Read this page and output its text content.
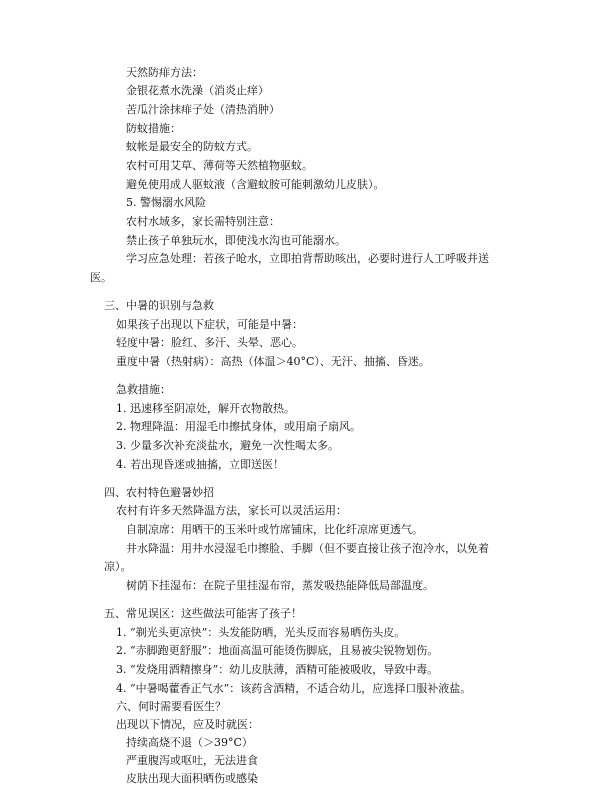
天然防痱方法：
金银花煮水洗澡（消炎止痒）
苦瓜汁涂抹痱子处（清热消肿）
防蚊措施：
蚊帐是最安全的防蚊方式。
农村可用艾草、薄荷等天然植物驱蚊。
避免使用成人驱蚊液（含避蚊胺可能刺激幼儿皮肤）。
5. 警惕溺水风险
农村水域多，家长需特别注意：
禁止孩子单独玩水，即使浅水沟也可能溺水。
学习应急处理：若孩子呛水，立即拍背帮助咳出，必要时进行人工呼吸并送
医。
三、中暑的识别与急救
如果孩子出现以下症状，可能是中暑：
轻度中暑：脸红、多汗、头晕、恶心。
重度中暑（热射病）：高热（体温＞40°C）、无汗、抽搐、昏迷。
急救措施：
1. 迅速移至阴凉处，解开衣物散热。
2. 物理降温：用湿毛巾擦拭身体，或用扇子扇风。
3. 少量多次补充淡盐水，避免一次性喝太多。
4. 若出现昏迷或抽搐，立即送医！
四、农村特色避暑妙招
农村有许多天然降温方法，家长可以灵活运用：
自制凉席：用晒干的玉米叶或竹席铺床，比化纤凉席更透气。
井水降温：用井水浸湿毛巾擦脸、手脚（但不要直接让孩子泡冷水，以免着
凉）。
树荫下挂湿布：在院子里挂湿布帘，蒸发吸热能降低局部温度。
五、常见误区：这些做法可能害了孩子！
1. “剃光头更凉快”：头发能防晒，光头反而容易晒伤头皮。
2. “赤脚跑更舒服”：地面高温可能烫伤脚底，且易被尖锐物划伤。
3. “发烧用酒精擦身”：幼儿皮肤薄，酒精可能被吸收，导致中毒。
4. “中暑喝藿香正气水”：该药含酒精，不适合幼儿，应选择口服补液盐。
六、何时需要看医生？
出现以下情况，应及时就医：
持续高烧不退（＞39°C）
严重腹泻或呕吐，无法进食
皮肤出现大面积晒伤或感染
